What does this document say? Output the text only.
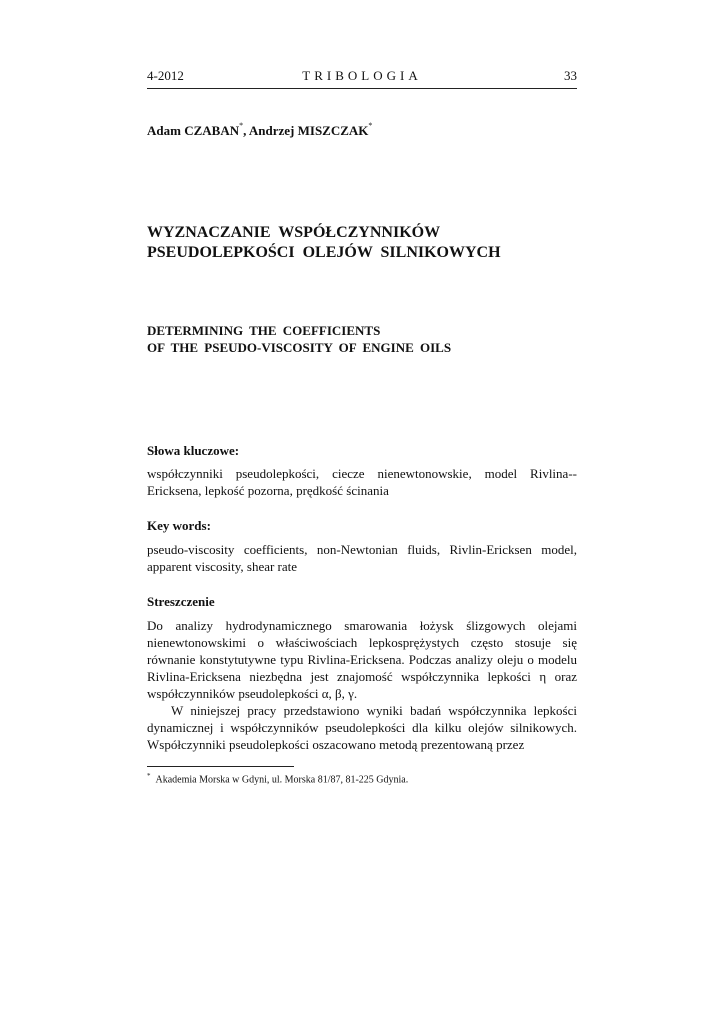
4-2012	TRIBOLOGIA	33
Adam CZABAN*, Andrzej MISZCZAK*
WYZNACZANIE WSPÓŁCZYNNIKÓW
PSEUDOLEPKOŚCI OLEJÓW SILNIKOWYCH
DETERMINING THE COEFFICIENTS
OF THE PSEUDO-VISCOSITY OF ENGINE OILS
Słowa kluczowe:
współczynniki pseudolepkości, ciecze nienewtonowskie, model Rivlina-Ericksena, lepkość pozorna, prędkość ścinania
Key words:
pseudo-viscosity coefficients, non-Newtonian fluids, Rivlin-Ericksen model, apparent viscosity, shear rate
Streszczenie
Do analizy hydrodynamicznego smarowania łożysk ślizgowych olejami nienewtonowskimi o właściwościach lepkosprężystych często stosuje się równanie konstytutywne typu Rivlina-Ericksena. Podczas analizy oleju o modelu Rivlina-Ericksena niezbędna jest znajomość współczynnika lepkości η oraz współczynników pseudolepkości α, β, γ.
W niniejszej pracy przedstawiono wyniki badań współczynnika lepkości dynamicznej i współczynników pseudolepkości dla kilku olejów silnikowych. Współczynniki pseudolepkości oszacowano metodą prezentowaną przez
* Akademia Morska w Gdyni, ul. Morska 81/87, 81-225 Gdynia.
